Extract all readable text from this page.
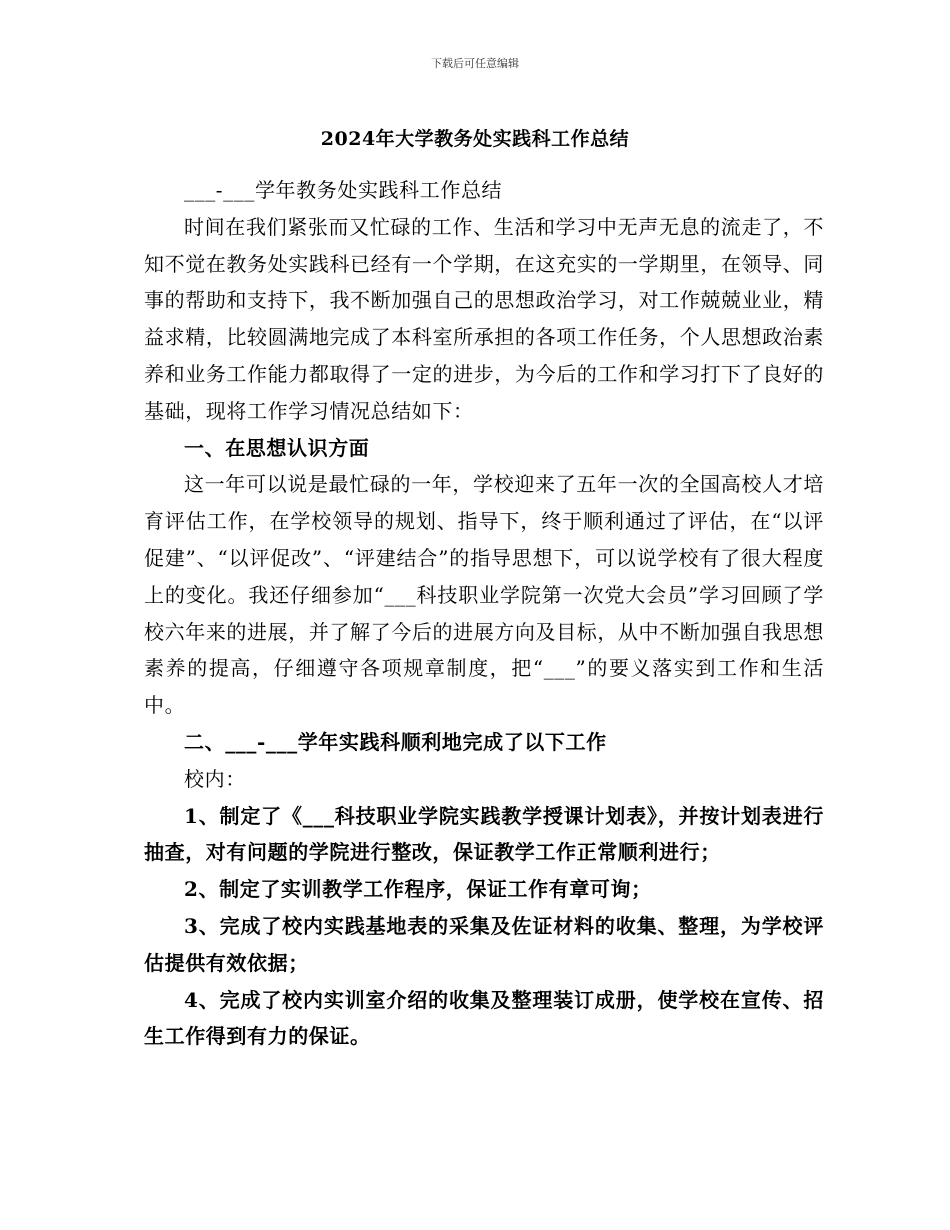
下载后可任意编辑
2024年大学教务处实践科工作总结

___-___学年教务处实践科工作总结

时间在我们紧张而又忙碌的工作、生活和学习中无声无息的流走了，不知不觉在教务处实践科已经有一个学期，在这充实的一学期里，在领导、同事的帮助和支持下，我不断加强自己的思想政治学习，对工作兢兢业业，精益求精，比较圆满地完成了本科室所承担的各项工作任务，个人思想政治素养和业务工作能力都取得了一定的进步，为今后的工作和学习打下了良好的基础，现将工作学习情况总结如下：

一、在思想认识方面

这一年可以说是最忙碌的一年，学校迎来了五年一次的全国高校人才培育评估工作，在学校领导的规划、指导下，终于顺利通过了评估，在“以评促建”、“以评促改”、“评建结合”的指导思想下，可以说学校有了很大程度上的变化。我还仔细参加“___科技职业学院第一次党大会员”学习回顾了学校六年来的进展，并了解了今后的进展方向及目标，从中不断加强自我思想素养的提高，仔细遵守各项规章制度，把“___”的要义落实到工作和生活中。

二、___-___学年实践科顺利地完成了以下工作

校内：

1、制定了《___科技职业学院实践教学授课计划表》，并按计划表进行抽查，对有问题的学院进行整改，保证教学工作正常顺利进行；

2、制定了实训教学工作程序，保证工作有章可询；

3、完成了校内实践基地表的采集及佐证材料的收集、整理，为学校评估提供有效依据；

4、完成了校内实训室介绍的收集及整理装订成册，使学校在宣传、招生工作得到有力的保证。
